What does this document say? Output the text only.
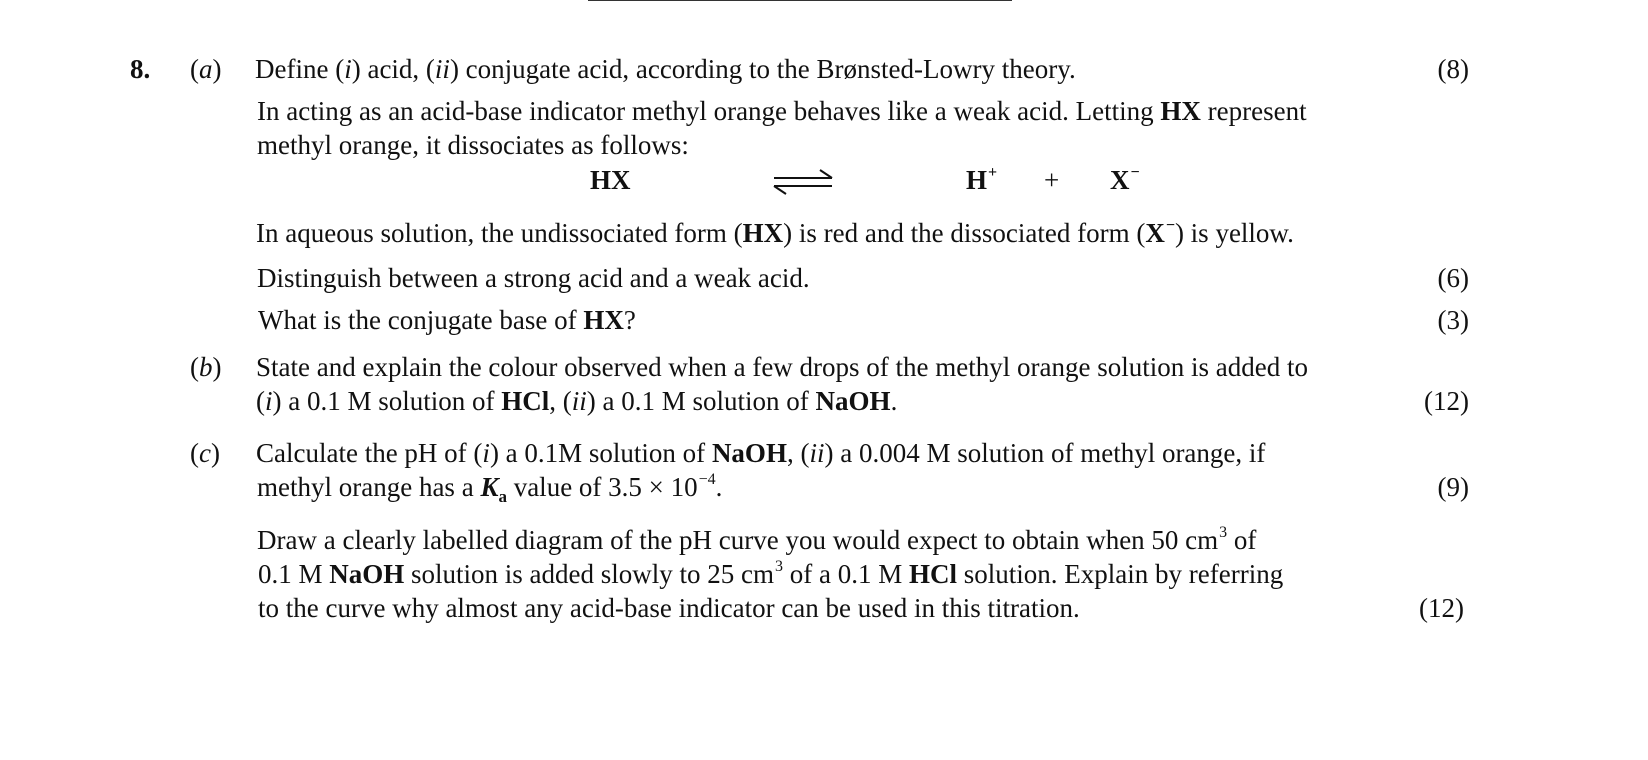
8. (a) Define (i) acid, (ii) conjugate acid, according to the Brønsted-Lowry theory.	(8)
In acting as an acid-base indicator methyl orange behaves like a weak acid. Letting HX represent
methyl orange, it dissociates as follows:
HX	H+ + X−
In aqueous solution, the undissociated form (HX) is red and the dissociated form (X−) is yellow.
Distinguish between a strong acid and a weak acid.	(6)
What is the conjugate base of HX?	(3)
(b) State and explain the colour observed when a few drops of the methyl orange solution is added to
(i) a 0.1 M solution of HCl, (ii) a 0.1 M solution of NaOH.	(12)
(c) Calculate the pH of (i) a 0.1M solution of NaOH, (ii) a 0.004 M solution of methyl orange, if
methyl orange has a $K_a$ value of $3.5 \times 10^{-4}$.	(9)
Draw a clearly labelled diagram of the pH curve you would expect to obtain when 50 $cm^3$ of
0.1 M NaOH solution is added slowly to 25 $cm^3$ of a 0.1 M HCl solution. Explain by referring
to the curve why almost any acid-base indicator can be used in this titration.	(12)
